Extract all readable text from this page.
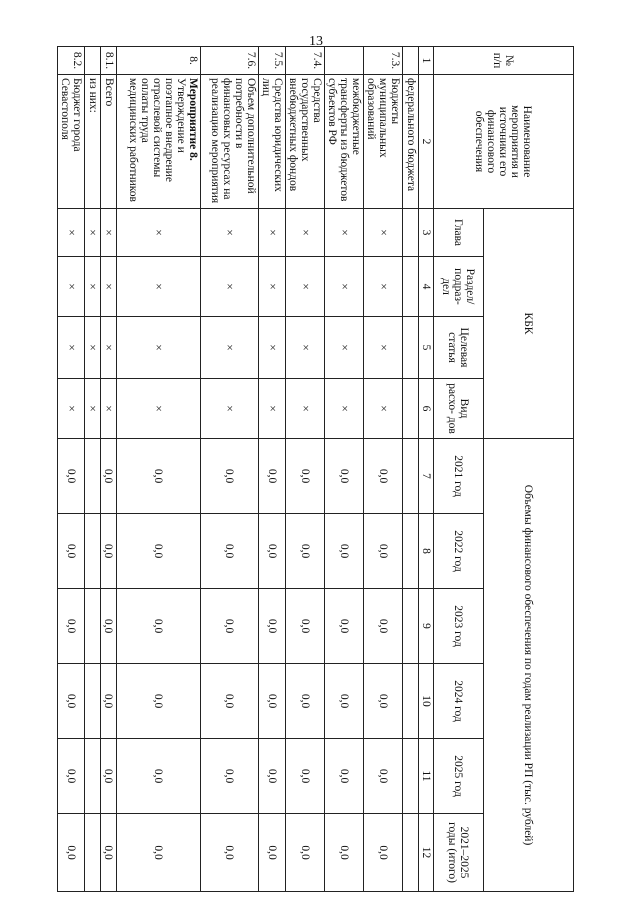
13
№ п/п	Наименование мероприятия и источники его финансового обеспечения	КБК				Объемы финансового обеспечения по годам реализации РП (тыс. рублей)					
		Глава	Раздел/ подраз- дел	Целевая статья	Вид расхо- дов	2021 год	2022 год	2023 год	2024 год	2025 год	2021–2025 годы (итого)
1	2	3	4	5	6	7	8	9	10	11	12

	федерального бюджета										

7.3.	Бюджеты муниципальных образований	×	×	×	×	0,0	0,0	0,0	0,0	0,0	0,0

	межбюджетные трансферты из бюджетов субъектов РФ	×	×	×	×	0,0	0,0	0,0	0,0	0,0	0,0
7.4.	Средства государственных внебюджетных фондов	×	×	×	×	0,0	0,0	0,0	0,0	0,0	0,0
7.5.	Средства юридических лиц	×	×	×	×	0,0	0,0	0,0	0,0	0,0	0,0
7.6.	Объем дополнительной потребности в финансовых ресурсах на реализацию мероприятия	×	×	×	×	0,0	0,0	0,0	0,0	0,0	0,0
8.	Мероприятие 8.
Утверждение и поэтапное внедрение отраслевой системы оплаты труда медицинских работников	×	×	×	×	0,0	0,0	0,0	0,0	0,0	0,0
8.1.	Всего	×	×	×	×	0,0	0,0	0,0	0,0	0,0	0,0

	из них:	×	×	×	×						
8.2.	Бюджет города Севастополя	×	×	×	×	0,0	0,0	0,0	0,0	0,0	0,0
